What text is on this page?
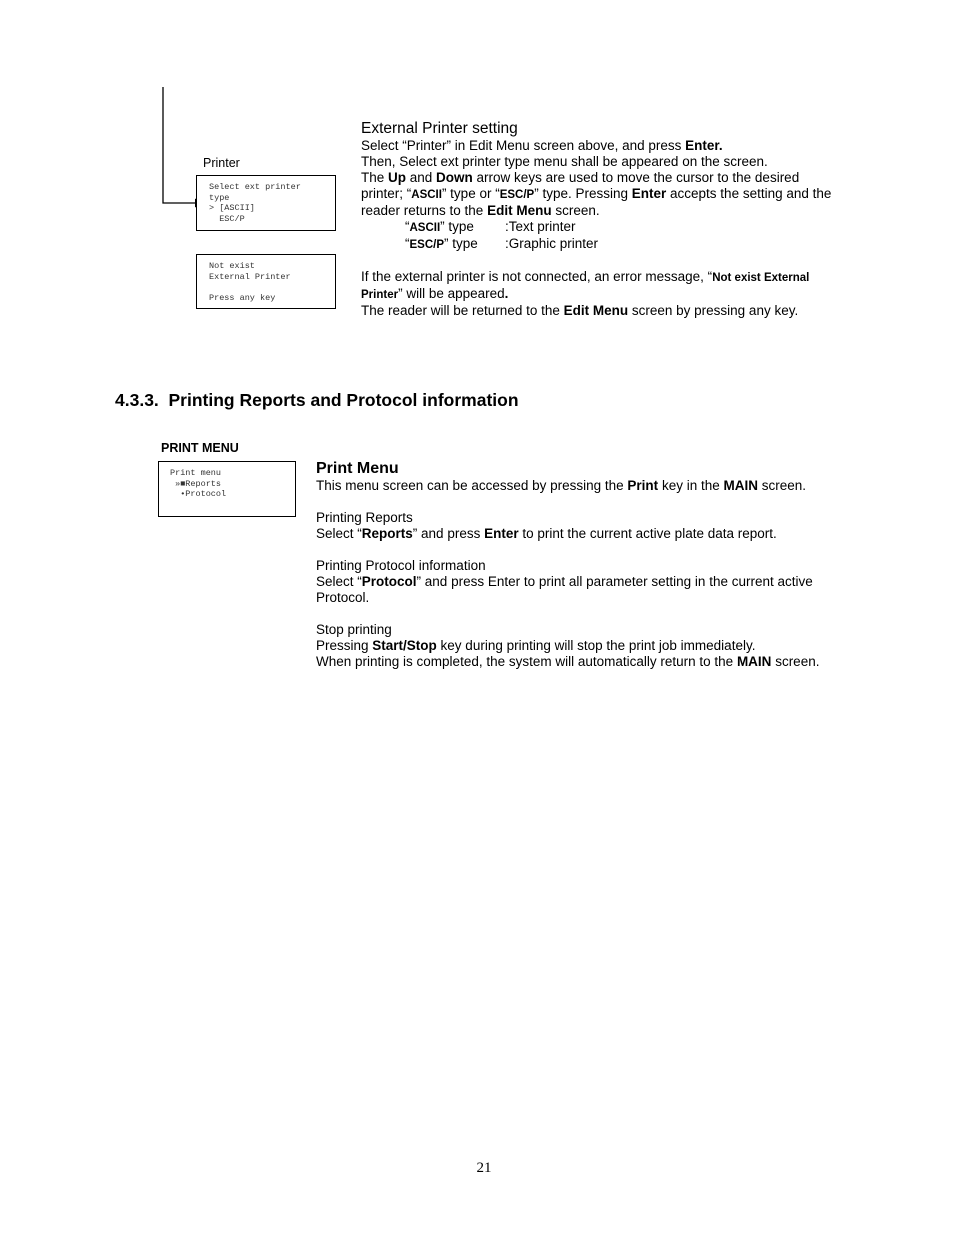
Printer
Select ext printer
type
> [ASCII]
ESC/P
Not exist
External Printer
Press any key
External Printer setting
Select “Printer” in Edit Menu screen above, and press Enter.
Then, Select ext printer type menu shall be appeared on the screen.
The Up and Down arrow keys are used to move the cursor to the desired
printer; “ASCII” type or “ESC/P” type. Pressing Enter accepts the setting and the
reader returns to the Edit Menu screen.
“ASCII” type	:Text printer
“ESC/P” type	:Graphic printer
If the external printer is not connected, an error message, “Not exist External
Printer” will be appeared.
The reader will be returned to the Edit Menu screen by pressing any key.
4.3.3.  Printing Reports and Protocol information
PRINT MENU
Print menu
»■Reports
•Protocol
Print Menu
This menu screen can be accessed by pressing the Print key in the MAIN screen.
Printing Reports
Select “Reports” and press Enter to print the current active plate data report.
Printing Protocol information
Select “Protocol” and press Enter to print all parameter setting in the current active
Protocol.
Stop printing
Pressing Start/Stop key during printing will stop the print job immediately.
When printing is completed, the system will automatically return to the MAIN screen.
21
